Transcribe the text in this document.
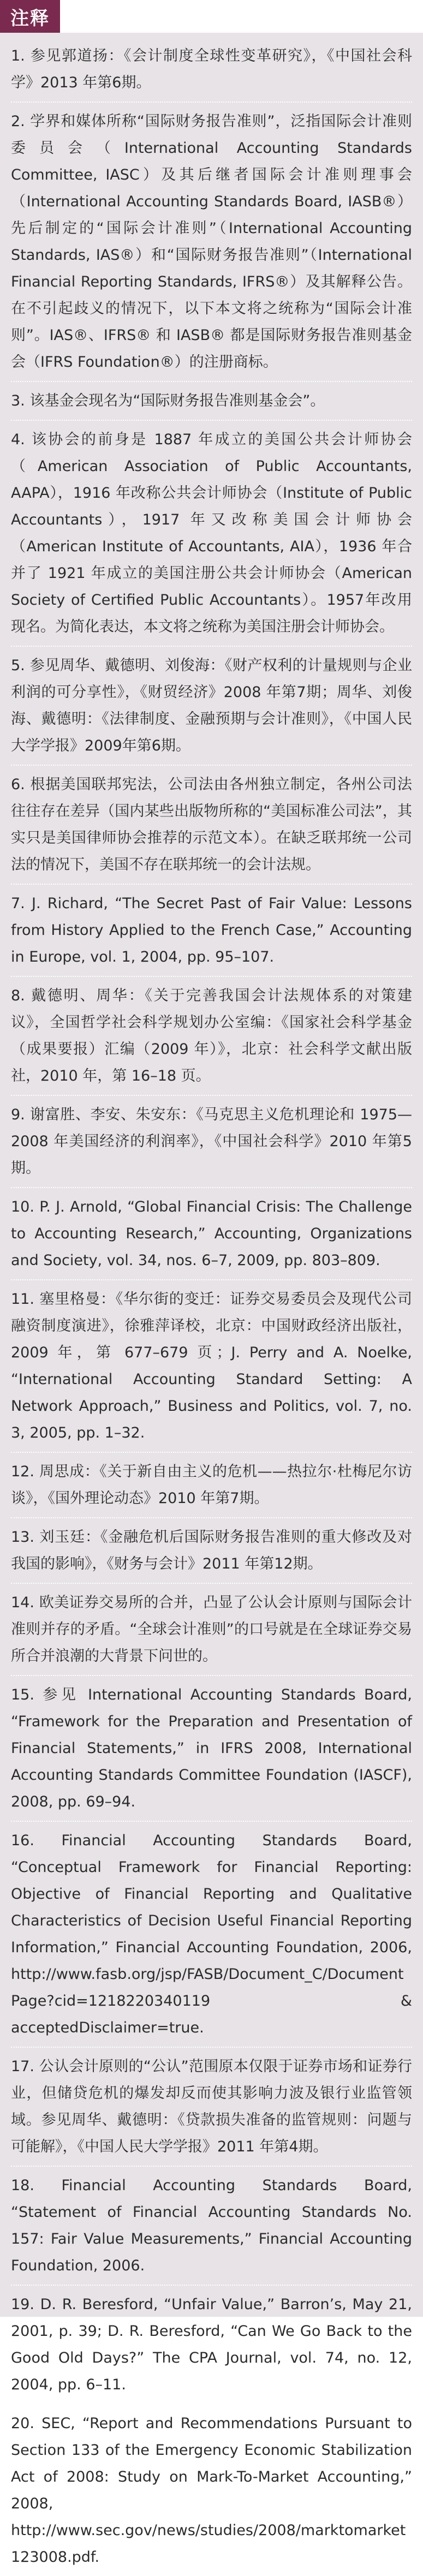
注释
1. 参见郭道扬：《会计制度全球性变革研究》，《中国社会科学》2013 年第6期。
2. 学界和媒体所称“国际财务报告准则”，泛指国际会计准则委员会（International Accounting Standards Committee, IASC）及其后继者国际会计准则理事会（International Accounting Standards Board, IASB®）先后制定的“国际会计准则”（International Accounting Standards, IAS®）和“国际财务报告准则”（International Financial Reporting Standards, IFRS®）及其解释公告。在不引起歧义的情况下，以下本文将之统称为“国际会计准则”。IAS®、IFRS® 和 IASB® 都是国际财务报告准则基金会（IFRS Foundation®）的注册商标。
3. 该基金会现名为“国际财务报告准则基金会”。
4. 该协会的前身是 1887 年成立的美国公共会计师协会（American Association of Public Accountants, AAPA），1916 年改称公共会计师协会（Institute of Public Accountants），1917 年又改称美国会计师协会（American Institute of Accountants, AIA），1936 年合并了 1921 年成立的美国注册公共会计师协会（American Society of Certified Public Accountants）。1957年改用现名。为简化表达，本文将之统称为美国注册会计师协会。
5. 参见周华、戴德明、刘俊海：《财产权利的计量规则与企业利润的可分享性》，《财贸经济》2008 年第7期；周华、刘俊海、戴德明：《法律制度、金融预期与会计准则》，《中国人民大学学报》2009年第6期。
6. 根据美国联邦宪法，公司法由各州独立制定，各州公司法往往存在差异（国内某些出版物所称的“美国标准公司法”，其实只是美国律师协会推荐的示范文本）。在缺乏联邦统一公司法的情况下，美国不存在联邦统一的会计法规。
7. J. Richard, “The Secret Past of Fair Value: Lessons from History Applied to the French Case,” Accounting in Europe, vol. 1, 2004, pp. 95–107.
8. 戴德明、周华：《关于完善我国会计法规体系的对策建议》，全国哲学社会科学规划办公室编：《国家社会科学基金（成果要报）汇编（2009 年）》，北京：社会科学文献出版社，2010 年，第 16–18 页。
9. 谢富胜、李安、朱安东：《马克思主义危机理论和 1975—2008 年美国经济的利润率》，《中国社会科学》2010 年第5期。
10. P. J. Arnold, “Global Financial Crisis: The Challenge to Accounting Research,” Accounting, Organizations and Society, vol. 34, nos. 6–7, 2009, pp. 803–809.
11. 塞里格曼：《华尔街的变迁：证券交易委员会及现代公司融资制度演进》，徐雅萍译校，北京：中国财政经济出版社，2009 年，第 677–679 页；J. Perry and A. Noelke, “International Accounting Standard Setting: A Network Approach,” Business and Politics, vol. 7, no. 3, 2005, pp. 1–32.
12. 周思成：《关于新自由主义的危机——热拉尔·杜梅尼尔访谈》，《国外理论动态》2010 年第7期。
13. 刘玉廷：《金融危机后国际财务报告准则的重大修改及对我国的影响》，《财务与会计》2011 年第12期。
14. 欧美证券交易所的合并，凸显了公认会计原则与国际会计准则并存的矛盾。“全球会计准则”的口号就是在全球证券交易所合并浪潮的大背景下问世的。
15. 参见 International Accounting Standards Board, “Framework for the Preparation and Presentation of Financial Statements,” in IFRS 2008, International Accounting Standards Committee Foundation (IASCF), 2008, pp. 69–94.
16. Financial Accounting Standards Board, “Conceptual Framework for Financial Reporting: Objective of Financial Reporting and Qualitative Characteristics of Decision Useful Financial Reporting Information,” Financial Accounting Foundation, 2006, http://www.fasb.org/jsp/FASB/Document_C/DocumentPage?cid=1218220340119 & acceptedDisclaimer=true.
17. 公认会计原则的“公认”范围原本仅限于证券市场和证券行业，但储贷危机的爆发却反而使其影响力波及银行业监管领域。参见周华、戴德明：《贷款损失准备的监管规则：问题与可能解》，《中国人民大学学报》2011 年第4期。
18. Financial Accounting Standards Board, “Statement of Financial Accounting Standards No. 157: Fair Value Measurements,” Financial Accounting Foundation, 2006.
19. D. R. Beresford, “Unfair Value,” Barron’s, May 21, 2001, p. 39; D. R. Beresford, “Can We Go Back to the Good Old Days?” The CPA Journal, vol. 74, no. 12, 2004, pp. 6–11.
20. SEC, “Report and Recommendations Pursuant to Section 133 of the Emergency Economic Stabilization Act of 2008: Study on Mark-To-Market Accounting,” 2008, http://www.sec.gov/news/studies/2008/marktomarket123008.pdf.
